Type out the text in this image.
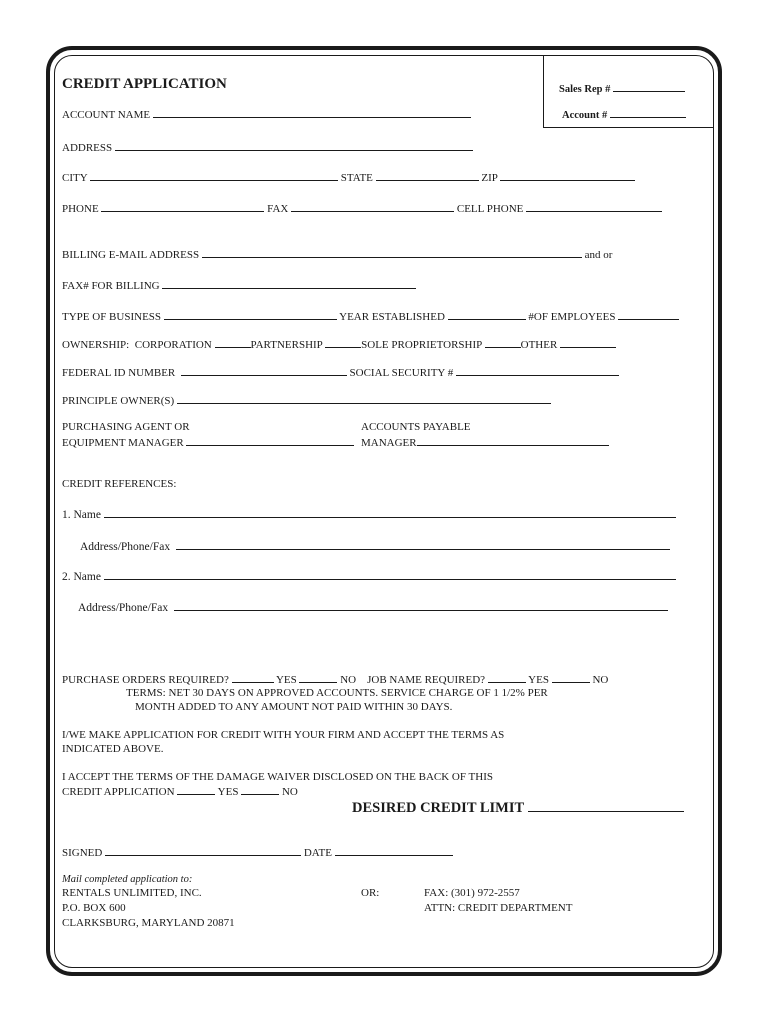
Sales Rep #
Account #
CREDIT APPLICATION
ACCOUNT NAME
ADDRESS
CITY	STATE	ZIP
PHONE	FAX	CELL PHONE
BILLING E-MAIL ADDRESS	and or
FAX# FOR BILLING
TYPE OF BUSINESS	YEAR ESTABLISHED	#OF EMPLOYEES
OWNERSHIP: CORPORATION	PARTNERSHIP	SOLE PROPRIETORSHIP	OTHER
FEDERAL ID NUMBER	SOCIAL SECURITY #
PRINCIPLE OWNER(S)
PURCHASING AGENT OR
EQUIPMENT MANAGER
ACCOUNTS PAYABLE
MANAGER
CREDIT REFERENCES:
1. Name
Address/Phone/Fax
2. Name
Address/Phone/Fax
PURCHASE ORDERS REQUIRED?	YES	NO JOB NAME REQUIRED?	YES	NO
TERMS: NET 30 DAYS ON APPROVED ACCOUNTS. SERVICE CHARGE OF 1 1/2% PER
MONTH ADDED TO ANY AMOUNT NOT PAID WITHIN 30 DAYS.
I/WE MAKE APPLICATION FOR CREDIT WITH YOUR FIRM AND ACCEPT THE TERMS AS
INDICATED ABOVE.
I ACCEPT THE TERMS OF THE DAMAGE WAIVER DISCLOSED ON THE BACK OF THIS
CREDIT APPLICATION	YES	NO
DESIRED CREDIT LIMIT
SIGNED	DATE
Mail completed application to:
RENTALS UNLIMITED, INC.
P.O. BOX 600
CLARKSBURG, MARYLAND 20871
OR:	FAX: (301) 972-2557
ATTN: CREDIT DEPARTMENT
